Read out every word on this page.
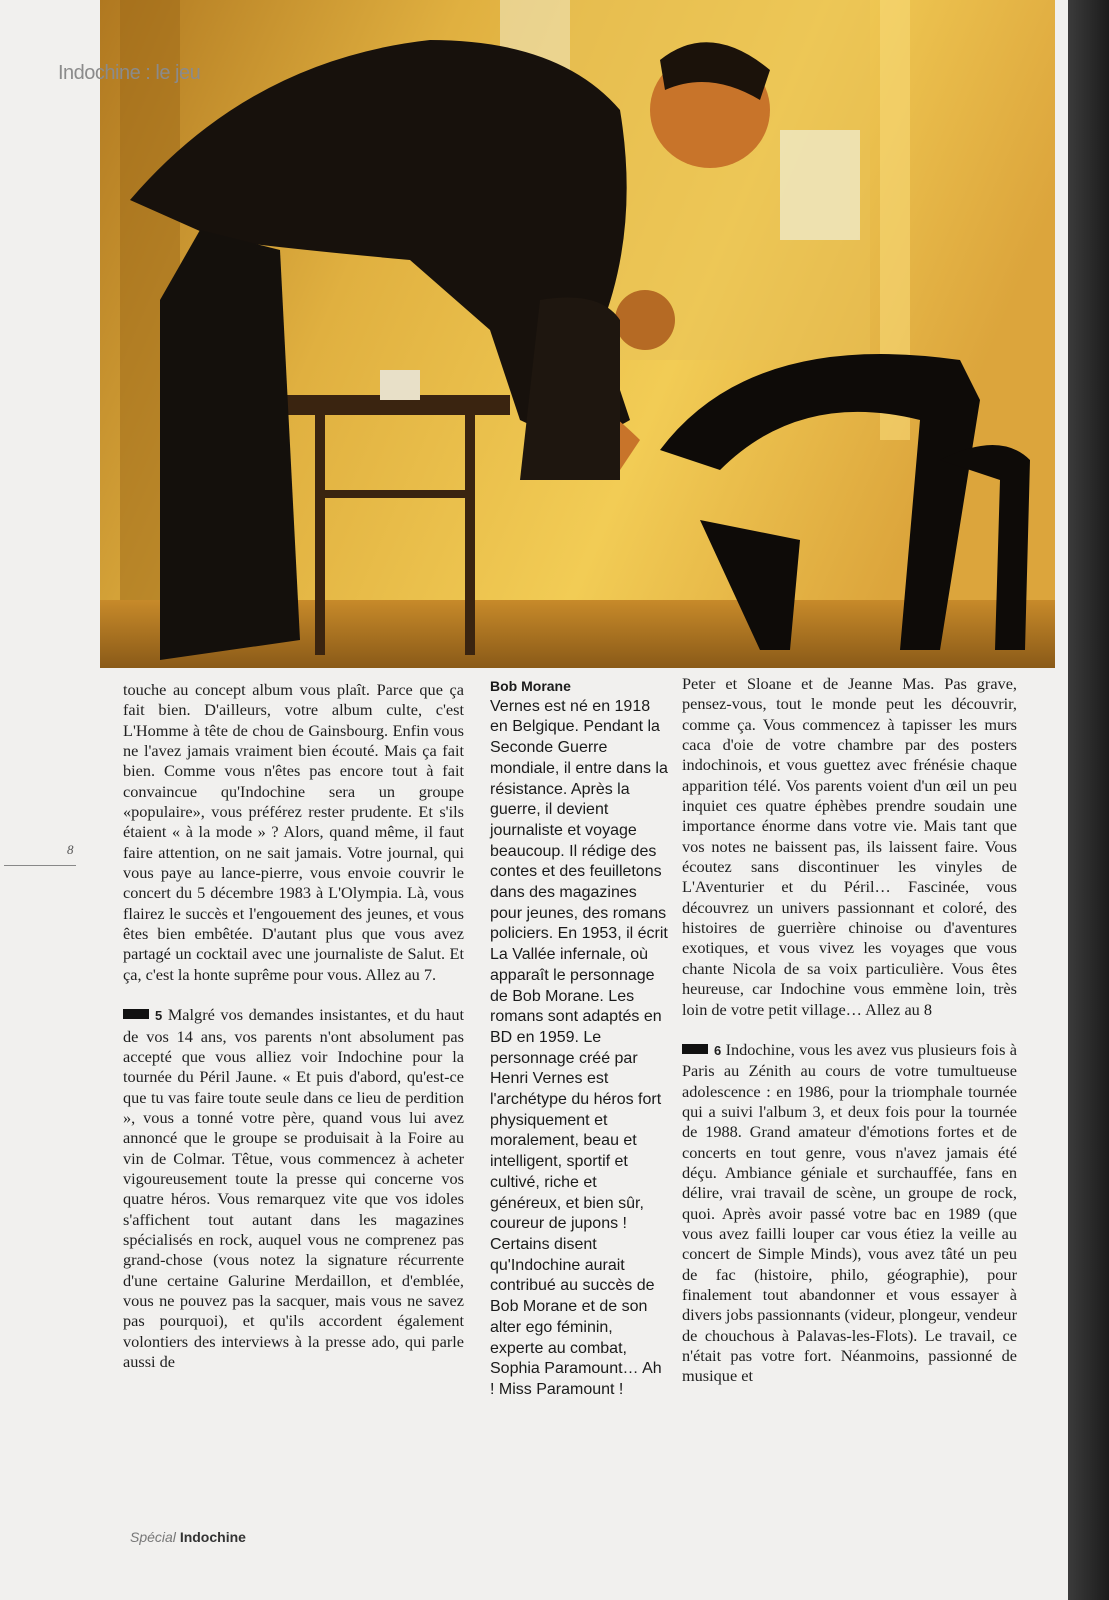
Indochine : le jeu
8

touche au concept album vous plaît. Parce que ça fait bien. D'ailleurs, votre album culte, c'est L'Homme à tête de chou de Gainsbourg. Enfin vous ne l'avez jamais vraiment bien écouté. Mais ça fait bien. Comme vous n'êtes pas encore tout à fait convaincue qu'Indochine sera un groupe «populaire», vous préférez rester prudente. Et s'ils étaient « à la mode » ? Alors, quand même, il faut faire attention, on ne sait jamais. Votre journal, qui vous paye au lance-pierre, vous envoie couvrir le concert du 5 décembre 1983 à L'Olympia. Là, vous flairez le succès et l'engouement des jeunes, et vous êtes bien embêtée. D'autant plus que vous avez partagé un cocktail avec une journaliste de Salut. Et ça, c'est la honte suprême pour vous. Allez au 7.

5 Malgré vos demandes insistantes, et du haut de vos 14 ans, vos parents n'ont absolument pas accepté que vous alliez voir Indochine pour la tournée du Péril Jaune. « Et puis d'abord, qu'est-ce que tu vas faire toute seule dans ce lieu de perdition », vous a tonné votre père, quand vous lui avez annoncé que le groupe se produisait à la Foire au vin de Colmar. Têtue, vous commencez à acheter vigoureusement toute la presse qui concerne vos quatre héros. Vous remarquez vite que vos idoles s'affichent tout autant dans les magazines spécialisés en rock, auquel vous ne comprenez pas grand-chose (vous notez la signature récurrente d'une certaine Galurine Merdaillon, et d'emblée, vous ne pouvez pas la sacquer, mais vous ne savez pas pourquoi), et qu'ils accordent également volontiers des interviews à la presse ado, qui parle aussi de

Bob Morane

Vernes est né en 1918 en Belgique. Pendant la Seconde Guerre mondiale, il entre dans la résistance. Après la guerre, il devient journaliste et voyage beaucoup. Il rédige des contes et des feuilletons dans des magazines pour jeunes, des romans policiers. En 1953, il écrit La Vallée infernale, où apparaît le personnage de Bob Morane. Les romans sont adaptés en BD en 1959. Le personnage créé par Henri Vernes est l'archétype du héros fort physiquement et moralement, beau et intelligent, sportif et cultivé, riche et généreux, et bien sûr, coureur de jupons ! Certains disent qu'Indochine aurait contribué au succès de Bob Morane et de son alter ego féminin, experte au combat, Sophia Paramount… Ah ! Miss Paramount !

Peter et Sloane et de Jeanne Mas. Pas grave, pensez-vous, tout le monde peut les découvrir, comme ça. Vous commencez à tapisser les murs caca d'oie de votre chambre par des posters indochinois, et vous guettez avec frénésie chaque apparition télé. Vos parents voient d'un œil un peu inquiet ces quatre éphèbes prendre soudain une importance énorme dans votre vie. Mais tant que vos notes ne baissent pas, ils laissent faire. Vous écoutez sans discontinuer les vinyles de L'Aventurier et du Péril… Fascinée, vous découvrez un univers passionnant et coloré, des histoires de guerrière chinoise ou d'aventures exotiques, et vous vivez les voyages que vous chante Nicola de sa voix particulière. Vous êtes heureuse, car Indochine vous emmène loin, très loin de votre petit village… Allez au 8

6 Indochine, vous les avez vus plusieurs fois à Paris au Zénith au cours de votre tumultueuse adolescence : en 1986, pour la triomphale tournée qui a suivi l'album 3, et deux fois pour la tournée de 1988. Grand amateur d'émotions fortes et de concerts en tout genre, vous n'avez jamais été déçu. Ambiance géniale et surchauffée, fans en délire, vrai travail de scène, un groupe de rock, quoi. Après avoir passé votre bac en 1989 (que vous avez failli louper car vous étiez la veille au concert de Simple Minds), vous avez tâté un peu de fac (histoire, philo, géographie), pour finalement tout abandonner et vous essayer à divers jobs passionnants (videur, plongeur, vendeur de chouchous à Palavas-les-Flots). Le travail, ce n'était pas votre fort. Néanmoins, passionné de musique et

Spécial Indochine
